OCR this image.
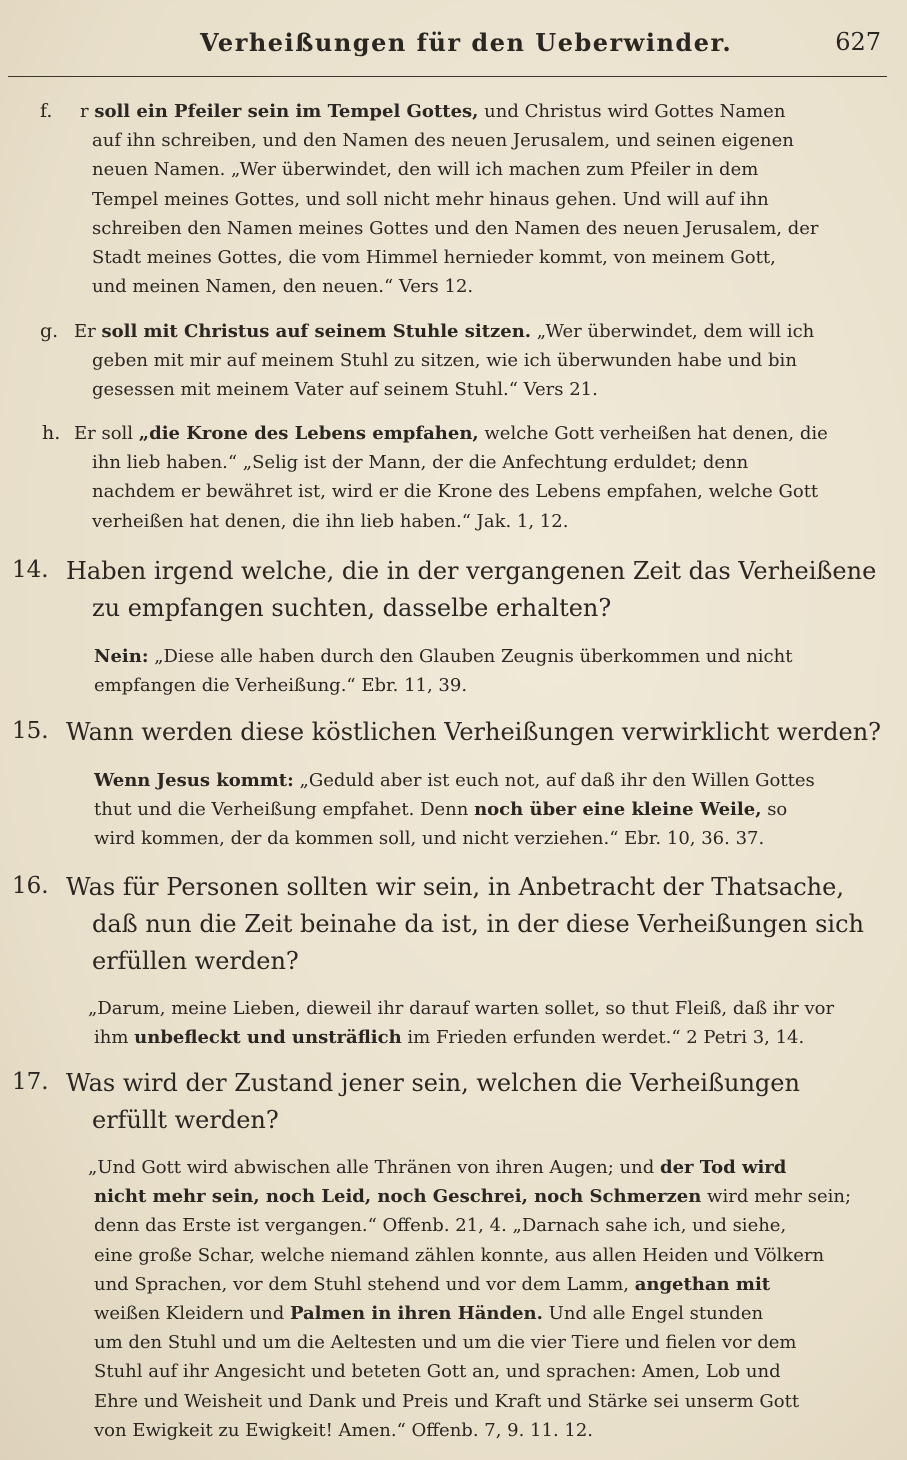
Verheißungen für den Ueberwinder.	627
f. r soll ein Pfeiler sein im Tempel Gottes, und Christus wird Gottes Namen
auf ihn schreiben, und den Namen des neuen Jerusalem, und seinen eigenen
neuen Namen. „Wer überwindet, den will ich machen zum Pfeiler in dem
Tempel meines Gottes, und soll nicht mehr hinaus gehen. Und will auf ihn
schreiben den Namen meines Gottes und den Namen des neuen Jerusalem, der
Stadt meines Gottes, die vom Himmel hernieder kommt, von meinem Gott,
und meinen Namen, den neuen.“ Vers 12.
g. Er soll mit Christus auf seinem Stuhle sitzen. „Wer überwindet, dem will ich
geben mit mir auf meinem Stuhl zu sitzen, wie ich überwunden habe und bin
gesessen mit meinem Vater auf seinem Stuhl.“ Vers 21.
h. Er soll „die Krone des Lebens empfahen, welche Gott verheißen hat denen, die
ihn lieb haben.“ „Selig ist der Mann, der die Anfechtung erduldet; denn
nachdem er bewähret ist, wird er die Krone des Lebens empfahen, welche Gott
verheißen hat denen, die ihn lieb haben.“ Jak. 1, 12.
14. Haben irgend welche, die in der vergangenen Zeit das Verheißene
zu empfangen suchten, dasselbe erhalten?
Nein: „Diese alle haben durch den Glauben Zeugnis überkommen und nicht
empfangen die Verheißung.“ Ebr. 11, 39.
15. Wann werden diese köstlichen Verheißungen verwirklicht werden?
Wenn Jesus kommt: „Geduld aber ist euch not, auf daß ihr den Willen Gottes
thut und die Verheißung empfahet. Denn noch über eine kleine Weile, so
wird kommen, der da kommen soll, und nicht verziehen.“ Ebr. 10, 36. 37.
16. Was für Personen sollten wir sein, in Anbetracht der Thatsache,
daß nun die Zeit beinahe da ist, in der diese Verheißungen sich
erfüllen werden?
„Darum, meine Lieben, dieweil ihr darauf warten sollet, so thut Fleiß, daß ihr vor
ihm unbefleckt und unsträflich im Frieden erfunden werdet.“ 2 Petri 3, 14.
17. Was wird der Zustand jener sein, welchen die Verheißungen
erfüllt werden?
„Und Gott wird abwischen alle Thränen von ihren Augen; und der Tod wird
nicht mehr sein, noch Leid, noch Geschrei, noch Schmerzen wird mehr sein;
denn das Erste ist vergangen.“ Offenb. 21, 4. „Darnach sahe ich, und siehe,
eine große Schar, welche niemand zählen konnte, aus allen Heiden und Völkern
und Sprachen, vor dem Stuhl stehend und vor dem Lamm, angethan mit
weißen Kleidern und Palmen in ihren Händen. Und alle Engel stunden
um den Stuhl und um die Aeltesten und um die vier Tiere und fielen vor dem
Stuhl auf ihr Angesicht und beteten Gott an, und sprachen: Amen, Lob und
Ehre und Weisheit und Dank und Preis und Kraft und Stärke sei unserm Gott
von Ewigkeit zu Ewigkeit! Amen.“ Offenb. 7, 9. 11. 12.
